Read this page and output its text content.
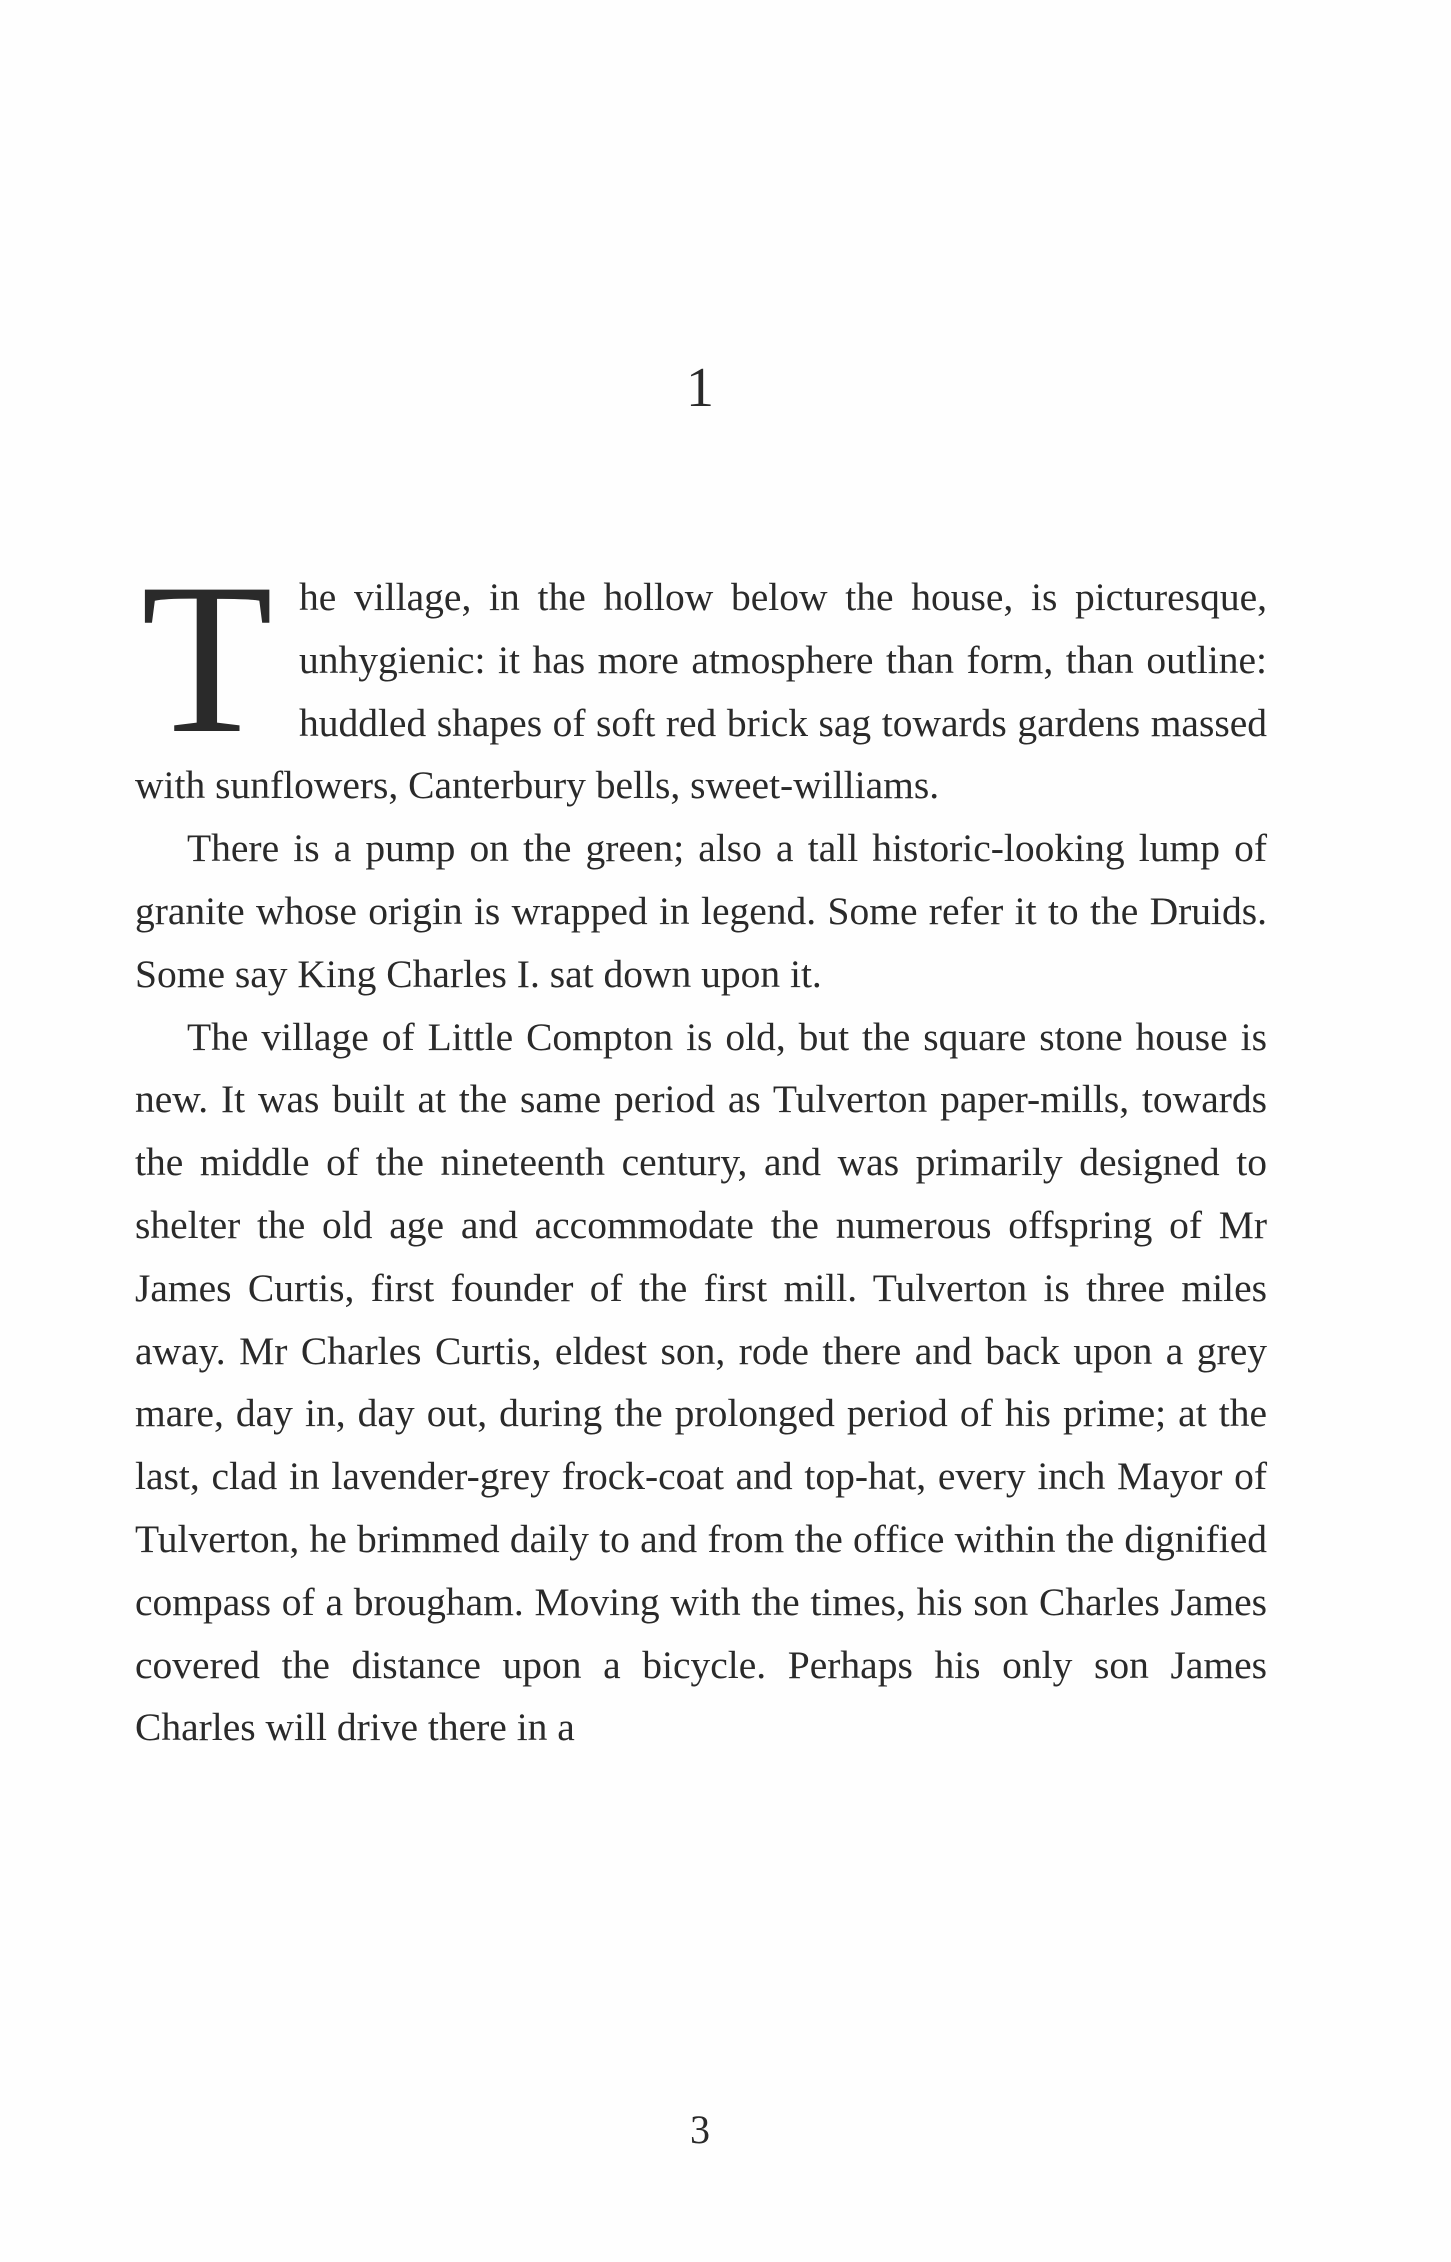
1

The village, in the hollow below the house, is picturesque, unhygienic: it has more atmosphere than form, than outline: huddled shapes of soft red brick sag towards gardens massed with sunflowers, Canterbury bells, sweet-williams.

There is a pump on the green; also a tall historic-looking lump of granite whose origin is wrapped in legend. Some refer it to the Druids. Some say King Charles I. sat down upon it.

The village of Little Compton is old, but the square stone house is new. It was built at the same period as Tulverton paper-mills, towards the middle of the nineteenth century, and was primarily designed to shelter the old age and accommodate the numerous offspring of Mr James Curtis, first founder of the first mill. Tulverton is three miles away. Mr Charles Curtis, eldest son, rode there and back upon a grey mare, day in, day out, during the prolonged period of his prime; at the last, clad in lavender-grey frock-coat and top-hat, every inch Mayor of Tulverton, he brimmed daily to and from the office within the dignified compass of a brougham. Moving with the times, his son Charles James covered the distance upon a bicycle. Perhaps his only son James Charles will drive there in a

3
